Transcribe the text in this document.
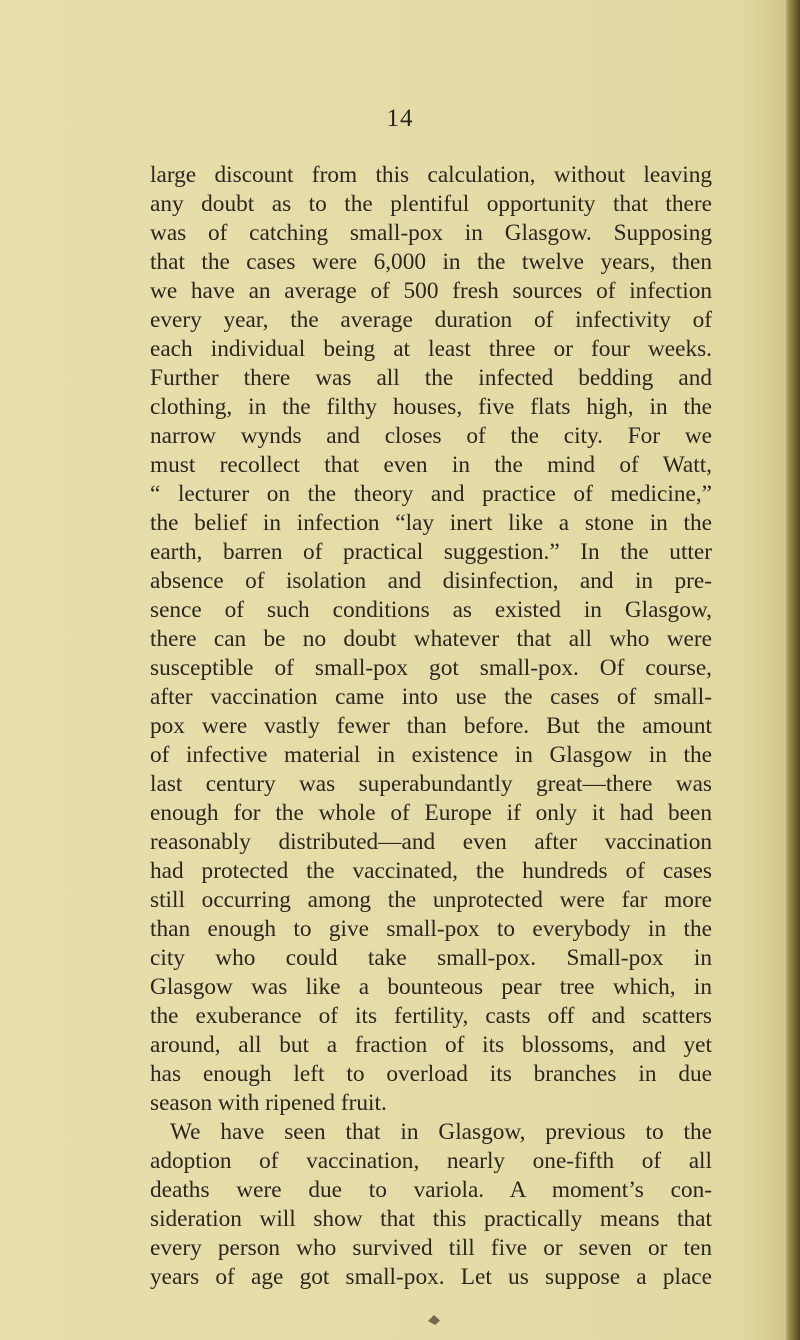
14
large discount from this calculation, without leaving
any doubt as to the plentiful opportunity that there
was of catching small-pox in Glasgow. Supposing
that the cases were 6,000 in the twelve years, then
we have an average of 500 fresh sources of infection
every year, the average duration of infectivity of
each individual being at least three or four weeks.
Further there was all the infected bedding and
clothing, in the filthy houses, five flats high, in the
narrow wynds and closes of the city. For we
must recollect that even in the mind of Watt,
“ lecturer on the theory and practice of medicine,”
the belief in infection “lay inert like a stone in the
earth, barren of practical suggestion.” In the utter
absence of isolation and disinfection, and in pre-
sence of such conditions as existed in Glasgow,
there can be no doubt whatever that all who were
susceptible of small-pox got small-pox. Of course,
after vaccination came into use the cases of small-
pox were vastly fewer than before. But the amount
of infective material in existence in Glasgow in the
last century was superabundantly great—there was
enough for the whole of Europe if only it had been
reasonably distributed—and even after vaccination
had protected the vaccinated, the hundreds of cases
still occurring among the unprotected were far more
than enough to give small-pox to everybody in the
city who could take small-pox. Small-pox in
Glasgow was like a bounteous pear tree which, in
the exuberance of its fertility, casts off and scatters
around, all but a fraction of its blossoms, and yet
has enough left to overload its branches in due
season with ripened fruit.
We have seen that in Glasgow, previous to the
adoption of vaccination, nearly one-fifth of all
deaths were due to variola. A moment’s con-
sideration will show that this practically means that
every person who survived till five or seven or ten
years of age got small-pox. Let us suppose a place
